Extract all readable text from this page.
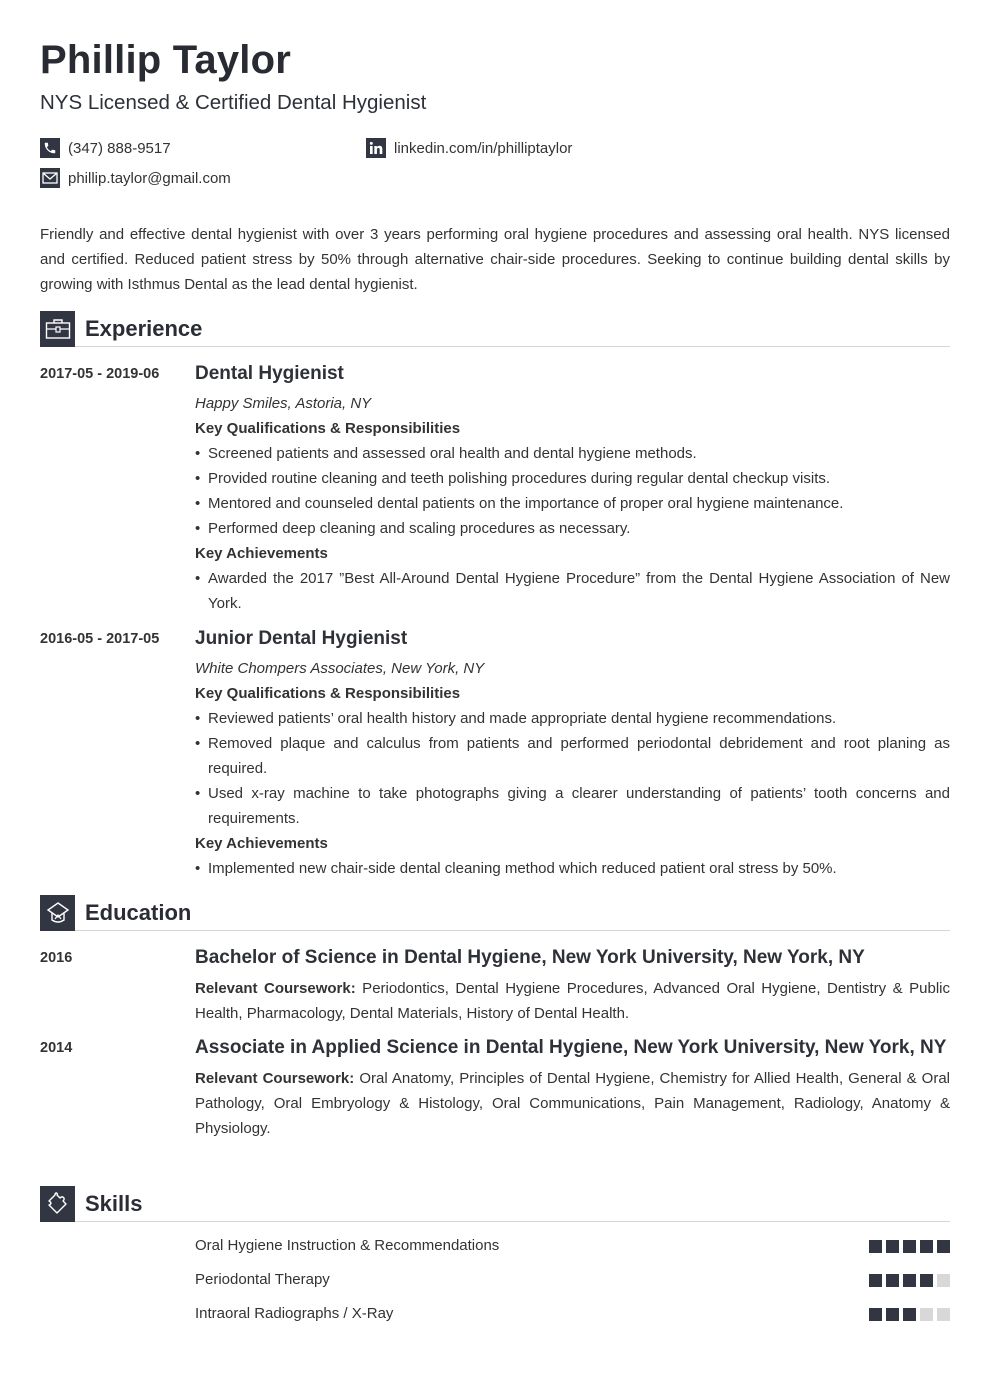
Phillip Taylor
NYS Licensed & Certified Dental Hygienist
(347) 888-9517	linkedin.com/in/philliptaylor
phillip.taylor@gmail.com
Friendly and effective dental hygienist with over 3 years performing oral hygiene procedures and assessing oral health. NYS licensed and certified. Reduced patient stress by 50% through alternative chair-side procedures. Seeking to continue building dental skills by growing with Isthmus Dental as the lead dental hygienist.
Experience
2017-05 - 2019-06 Dental Hygienist
Happy Smiles, Astoria, NY
Key Qualifications & Responsibilities
• Screened patients and assessed oral health and dental hygiene methods.
• Provided routine cleaning and teeth polishing procedures during regular dental checkup visits.
• Mentored and counseled dental patients on the importance of proper oral hygiene maintenance.
• Performed deep cleaning and scaling procedures as necessary.
Key Achievements
• Awarded the 2017 ”Best All-Around Dental Hygiene Procedure” from the Dental Hygiene Association of New York.
2016-05 - 2017-05 Junior Dental Hygienist
White Chompers Associates, New York, NY
Key Qualifications & Responsibilities
• Reviewed patients’ oral health history and made appropriate dental hygiene recommendations.
• Removed plaque and calculus from patients and performed periodontal debridement and root planing as required.
• Used x-ray machine to take photographs giving a clearer understanding of patients’ tooth concerns and requirements.
Key Achievements
• Implemented new chair-side dental cleaning method which reduced patient oral stress by 50%.
Education
2016	Bachelor of Science in Dental Hygiene, New York University, New York, NY
Relevant Coursework: Periodontics, Dental Hygiene Procedures, Advanced Oral Hygiene, Dentistry & Public Health, Pharmacology, Dental Materials, History of Dental Health.
2014	Associate in Applied Science in Dental Hygiene, New York University, New York, NY
Relevant Coursework: Oral Anatomy, Principles of Dental Hygiene, Chemistry for Allied Health, General & Oral Pathology, Oral Embryology & Histology, Oral Communications, Pain Management, Radiology, Anatomy & Physiology.
Skills
Oral Hygiene Instruction & Recommendations
Periodontal Therapy
Intraoral Radiographs / X-Ray
